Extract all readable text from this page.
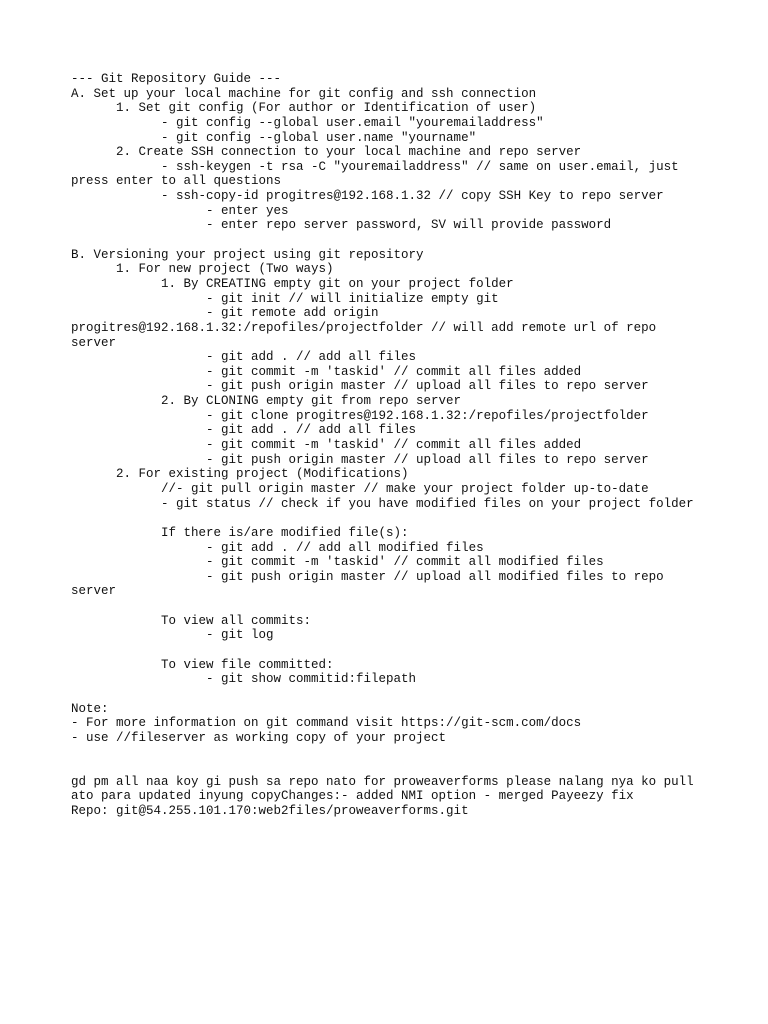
--- Git Repository Guide ---
A. Set up your local machine for git config and ssh connection
1. Set git config (For author or Identification of user)
- git config --global user.email "youremailaddress"
- git config --global user.name "yourname"
2. Create SSH connection to your local machine and repo server
- ssh-keygen -t rsa -C "youremailaddress" // same on user.email, just
press enter to all questions
- ssh-copy-id progitres@192.168.1.32 // copy SSH Key to repo server
- enter yes
- enter repo server password, SV will provide password
B. Versioning your project using git repository
1. For new project (Two ways)
1. By CREATING empty git on your project folder
- git init // will initialize empty git
- git remote add origin
progitres@192.168.1.32:/repofiles/projectfolder // will add remote url of repo
server
- git add . // add all files
- git commit -m 'taskid' // commit all files added
- git push origin master // upload all files to repo server
2. By CLONING empty git from repo server
- git clone progitres@192.168.1.32:/repofiles/projectfolder
- git add . // add all files
- git commit -m 'taskid' // commit all files added
- git push origin master // upload all files to repo server
2. For existing project (Modifications)
//- git pull origin master // make your project folder up-to-date
- git status // check if you have modified files on your project folder
If there is/are modified file(s):
- git add . // add all modified files
- git commit -m 'taskid' // commit all modified files
- git push origin master // upload all modified files to repo
server
To view all commits:
- git log
To view file committed:
- git show commitid:filepath
Note:
- For more information on git command visit https://git-scm.com/docs
- use //fileserver as working copy of your project
gd pm all naa koy gi push sa repo nato for proweaverforms please nalang nya ko pull
ato para updated inyung copyChanges:- added NMI option - merged Payeezy fix
Repo: git@54.255.101.170:web2files/proweaverforms.git
